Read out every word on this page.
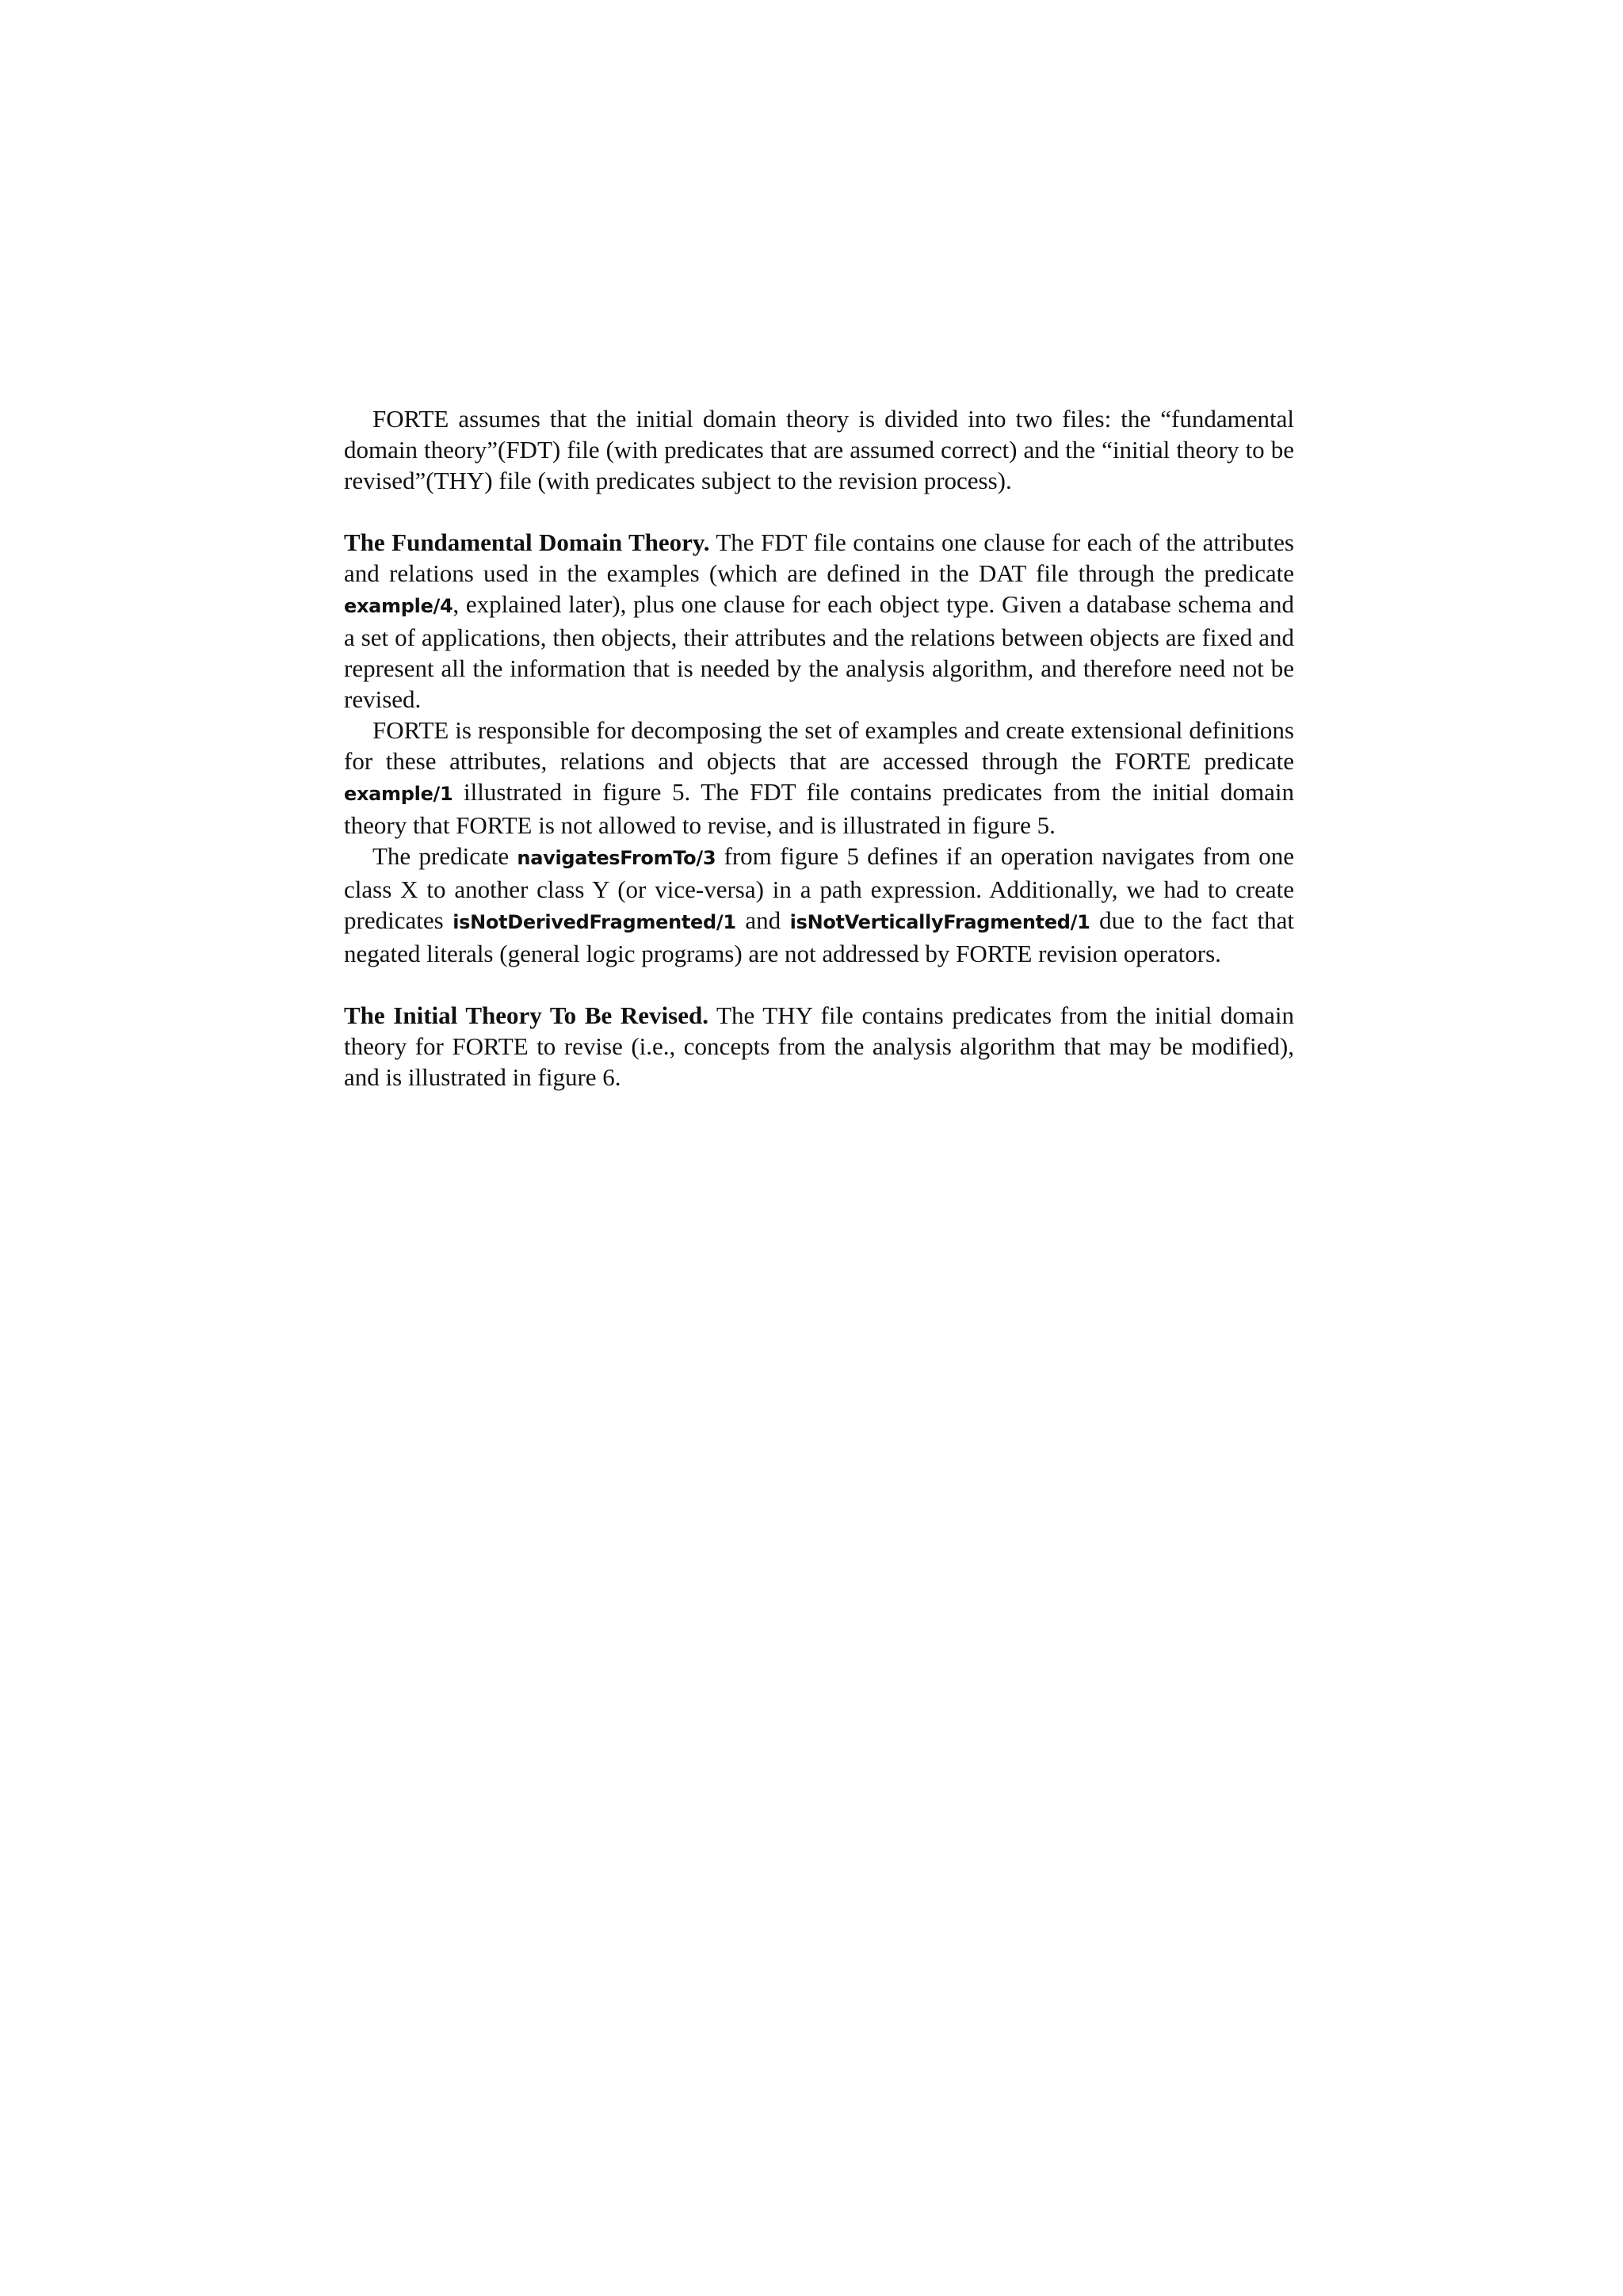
FORTE assumes that the initial domain theory is divided into two files: the “fundamental domain theory”(FDT) file (with predicates that are assumed correct) and the “initial theory to be revised”(THY) file (with predicates subject to the revision process).

The Fundamental Domain Theory. The FDT file contains one clause for each of the attributes and relations used in the examples (which are defined in the DAT file through the predicate example/4, explained later), plus one clause for each object type. Given a database schema and a set of applications, then objects, their attributes and the relations between objects are fixed and represent all the information that is needed by the analysis algorithm, and therefore need not be revised.

FORTE is responsible for decomposing the set of examples and create extensional definitions for these attributes, relations and objects that are accessed through the FORTE predicate example/1 illustrated in figure 5. The FDT file contains predicates from the initial domain theory that FORTE is not allowed to revise, and is illustrated in figure 5.

The predicate navigatesFromTo/3 from figure 5 defines if an operation navigates from one class X to another class Y (or vice-versa) in a path expression. Additionally, we had to create predicates isNotDerivedFragmented/1 and isNotVerticallyFragmented/1 due to the fact that negated literals (general logic programs) are not addressed by FORTE revision operators.

The Initial Theory To Be Revised. The THY file contains predicates from the initial domain theory for FORTE to revise (i.e., concepts from the analysis algorithm that may be modified), and is illustrated in figure 6.
